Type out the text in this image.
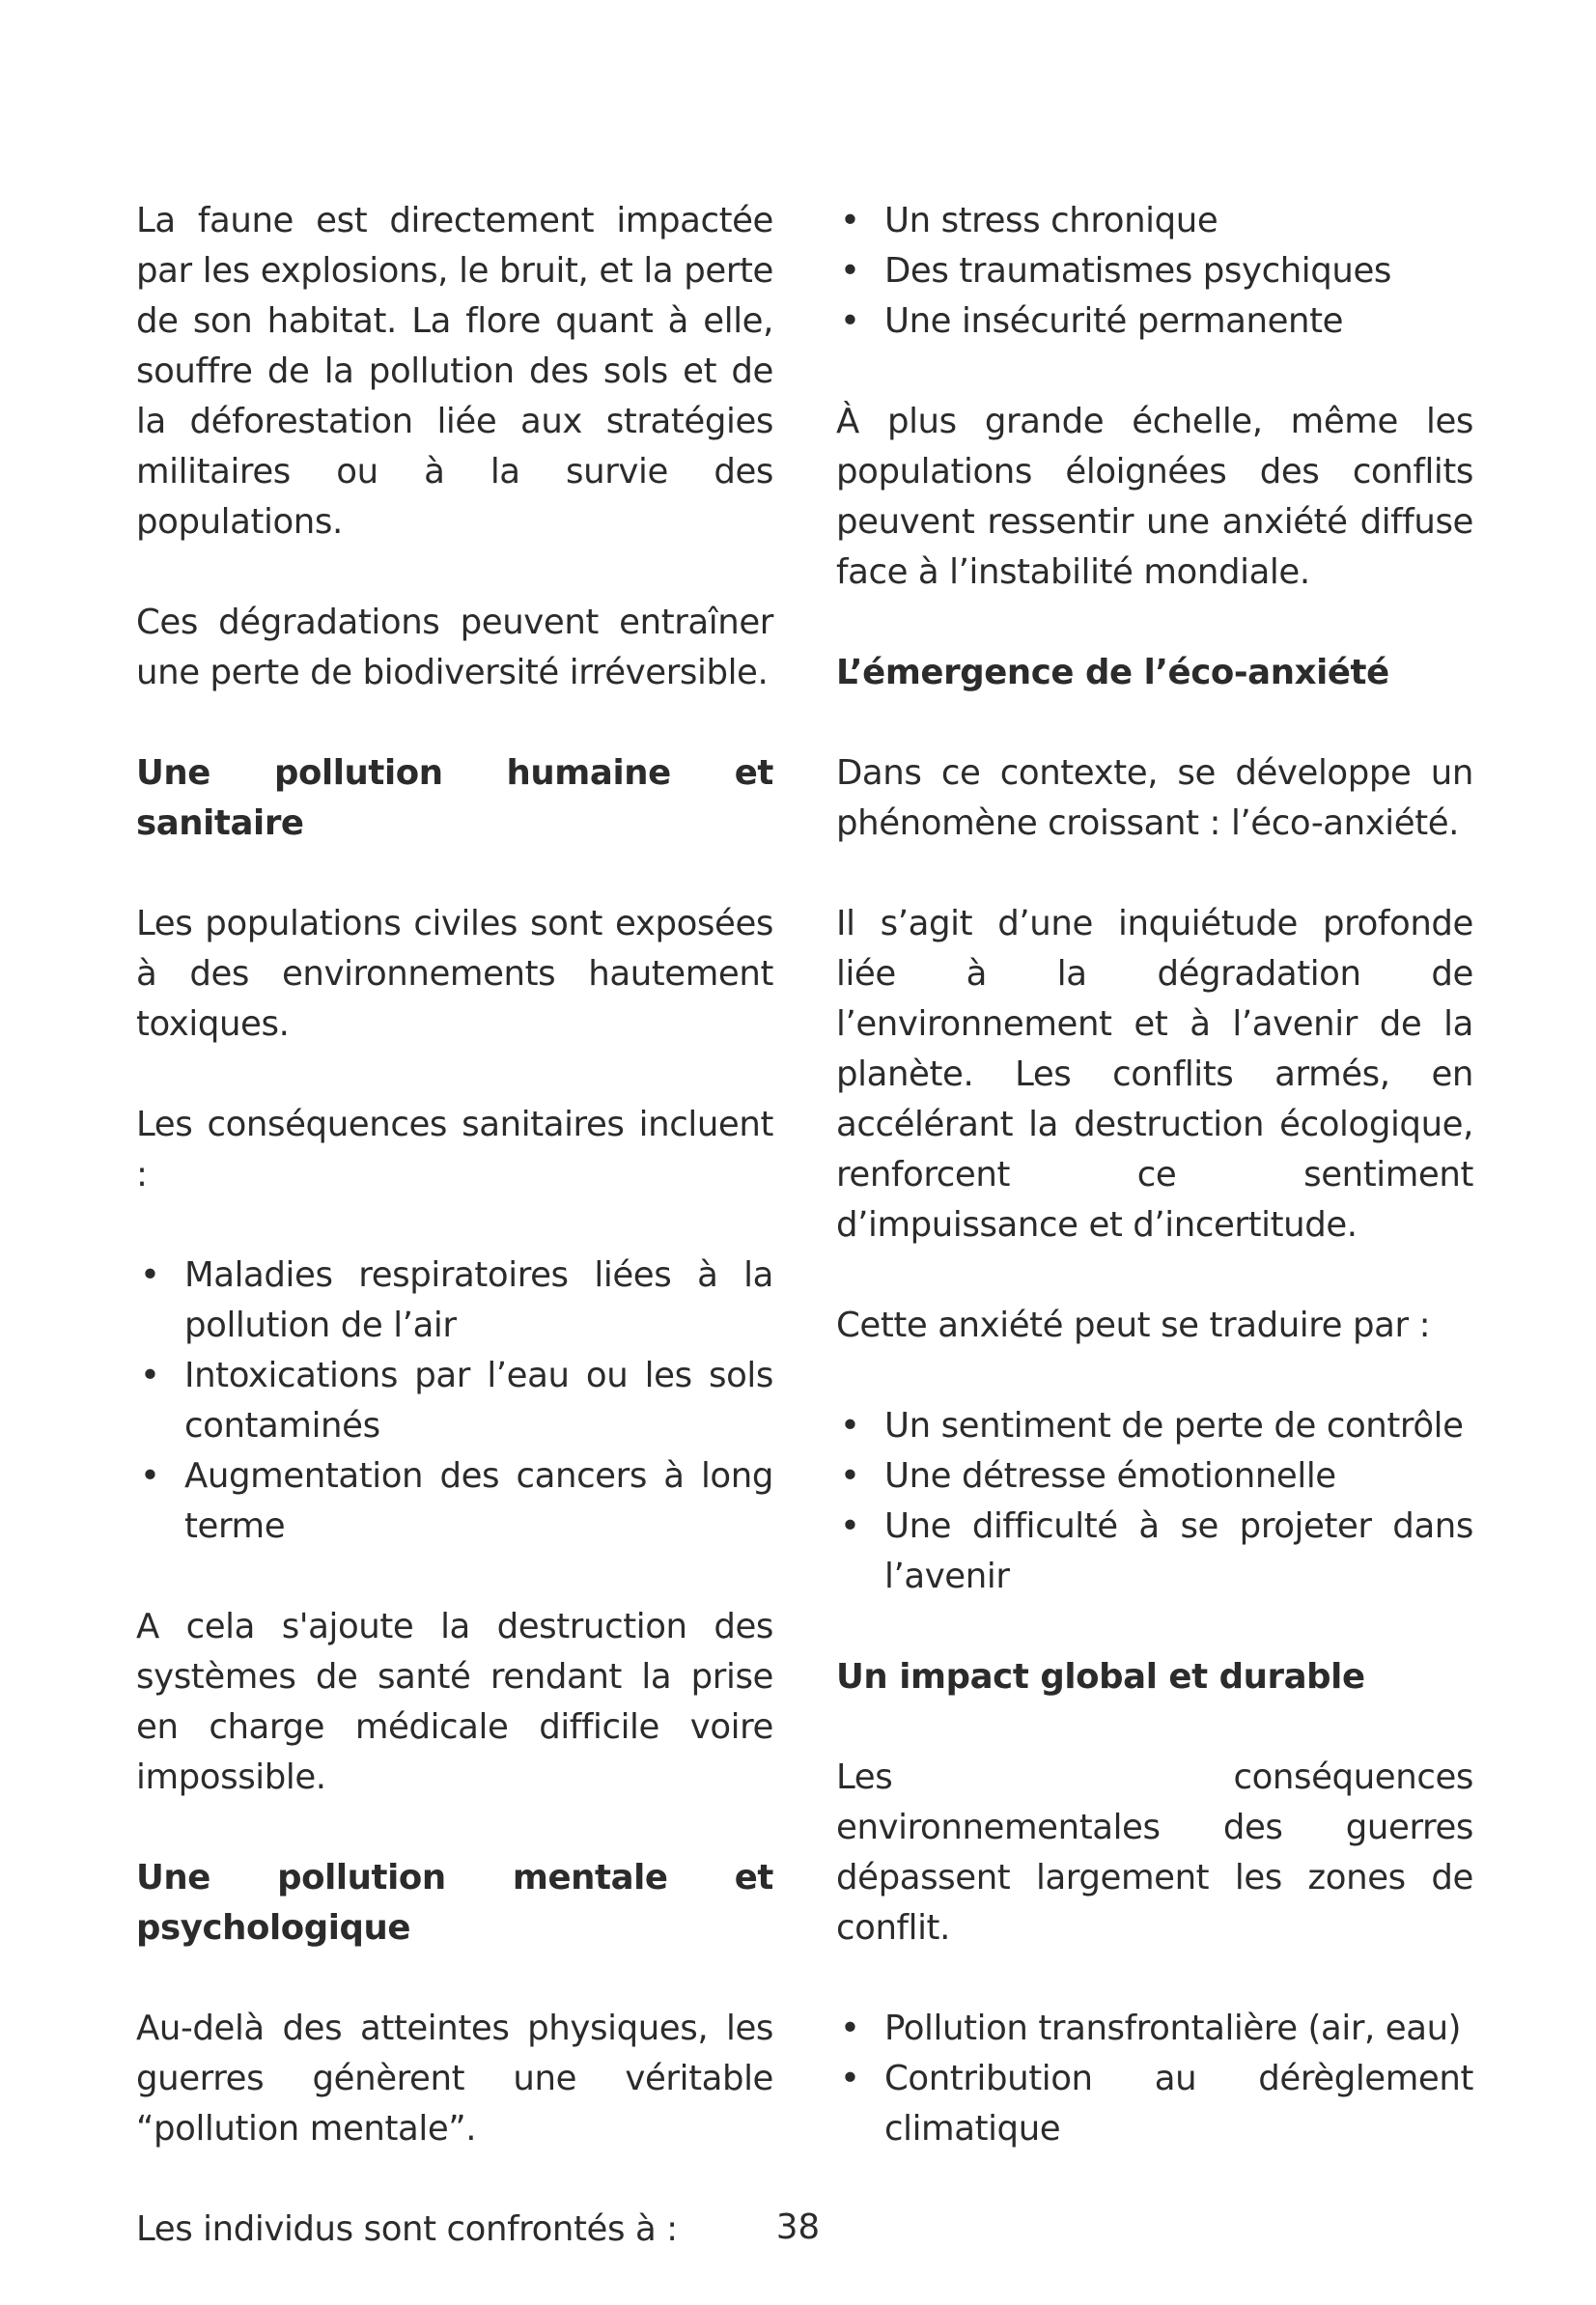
La faune est directement impactée par les explosions, le bruit, et la perte de son habitat. La flore quant à elle, souffre de la pollution des sols et de la déforestation liée aux stratégies militaires ou à la survie des populations.

Ces dégradations peuvent entraîner une perte de biodiversité irréversible.

Une pollution humaine et sanitaire

Les populations civiles sont exposées à des environnements hautement toxiques.

Les conséquences sanitaires incluent :

• Maladies respiratoires liées à la pollution de l’air
• Intoxications par l’eau ou les sols contaminés
• Augmentation des cancers à long terme

A cela s'ajoute la destruction des systèmes de santé rendant la prise en charge médicale difficile voire impossible.

Une pollution mentale et psychologique

Au-delà des atteintes physiques, les guerres génèrent une véritable “pollution mentale”.

Les individus sont confrontés à :

• Un stress chronique
• Des traumatismes psychiques
• Une insécurité permanente

À plus grande échelle, même les populations éloignées des conflits peuvent ressentir une anxiété diffuse face à l’instabilité mondiale.

L’émergence de l’éco-anxiété

Dans ce contexte, se développe un phénomène croissant : l’éco-anxiété.

Il s’agit d’une inquiétude profonde liée à la dégradation de l’environnement et à l’avenir de la planète. Les conflits armés, en accélérant la destruction écologique, renforcent ce sentiment d’impuissance et d’incertitude.

Cette anxiété peut se traduire par :

• Un sentiment de perte de contrôle
• Une détresse émotionnelle
• Une difficulté à se projeter dans l’avenir
Un impact global et durable

Les conséquences environnementales des guerres dépassent largement les zones de conflit.

• Pollution transfrontalière (air, eau)
• Contribution au dérèglement climatique
38
